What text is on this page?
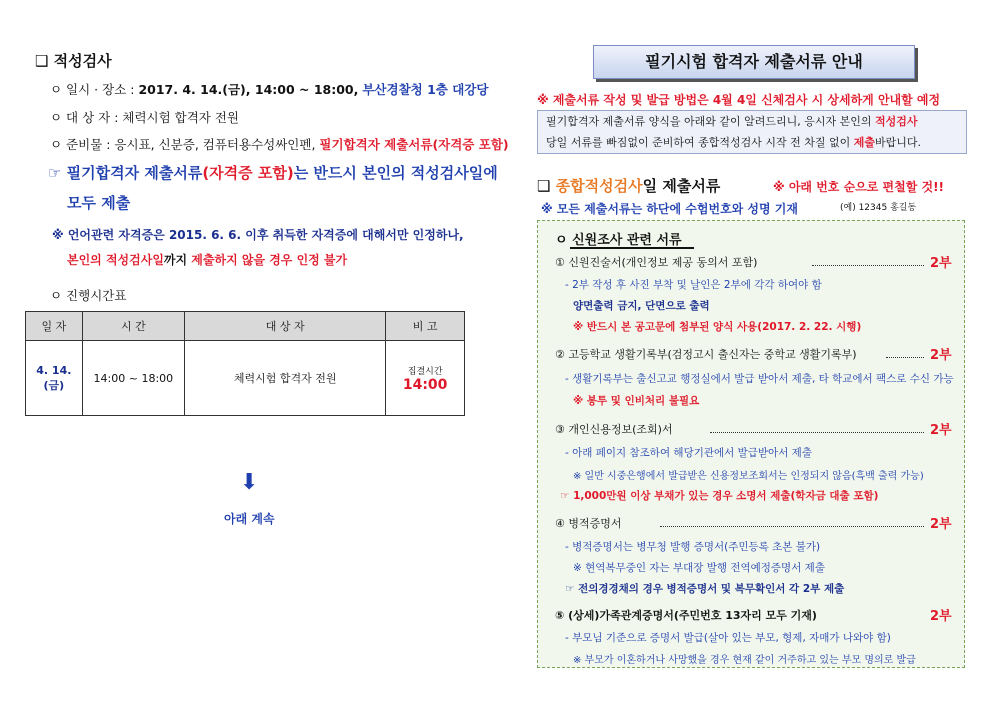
❑ 적성검사
ㅇ 일시 · 장소 : 2017. 4. 14.(금), 14:00 ~ 18:00, 부산경찰청 1층 대강당
ㅇ 대 상 자 : 체력시험 합격자 전원
ㅇ 준비물 : 응시표, 신분증, 컴퓨터용수성싸인펜, 필기합격자 제출서류(자격증 포함)
☞ 필기합격자 제출서류(자격증 포함)는 반드시 본인의 적성검사일에
모두 제출
※ 언어관련 자격증은 2015. 6. 6. 이후 취득한 자격증에 대해서만 인정하나,
본인의 적성검사일까지 제출하지 않을 경우 인정 불가
ㅇ 진행시간표
일 자	시 간	대 상 자	비 고
4. 14.(금)	14:00 ~ 18:00	체력시험 합격자 전원	집결시간
14:00
⬇
아래 계속
필기시험 합격자 제출서류 안내
※ 제출서류 작성 및 발급 방법은 4월 4일 신체검사 시 상세하게 안내할 예정
필기합격자 제출서류 양식을 아래와 같이 알려드리니, 응시자 본인의 적성검사
당일 서류를 빠짐없이 준비하여 종합적성검사 시작 전 차질 없이 제출바랍니다.
❑ 종합적성검사일 제출서류	※ 아래 번호 순으로 편철할 것!!
※ 모든 제출서류는 하단에 수험번호와 성명 기재	(예) 12345 홍길동
ㅇ 신원조사 관련 서류
① 신원진술서(개인정보 제공 동의서 포함)	2부
- 2부 작성 후 사진 부착 및 날인은 2부에 각각 하여야 함
양면출력 금지, 단면으로 출력
※ 반드시 본 공고문에 첨부된 양식 사용(2017. 2. 22. 시행)
② 고등학교 생활기록부(검정고시 출신자는 중학교 생활기록부)	2부
- 생활기록부는 출신고교 행정실에서 발급 받아서 제출, 타 학교에서 팩스로 수신 가능
※ 봉투 및 인비처리 불필요
③ 개인신용정보(조회)서	2부
- 아래 페이지 참조하여 해당기관에서 발급받아서 제출
※ 일반 시중은행에서 발급받은 신용정보조회서는 인정되지 않음(흑백 출력 가능)
☞ 1,000만원 이상 부채가 있는 경우 소명서 제출(학자금 대출 포함)
④ 병적증명서	2부
- 병적증명서는 병무청 발행 증명서(주민등록 초본 불가)
※ 현역복무중인 자는 부대장 발행 전역예정증명서 제출
☞ 전의경경채의 경우 병적증명서 및 복무확인서 각 2부 제출
⑤ (상세)가족관계증명서(주민번호 13자리 모두 기재)	2부
- 부모님 기준으로 증명서 발급(살아 있는 부모, 형제, 자매가 나와야 함)
※ 부모가 이혼하거나 사망했을 경우 현재 같이 거주하고 있는 부모 명의로 발급
